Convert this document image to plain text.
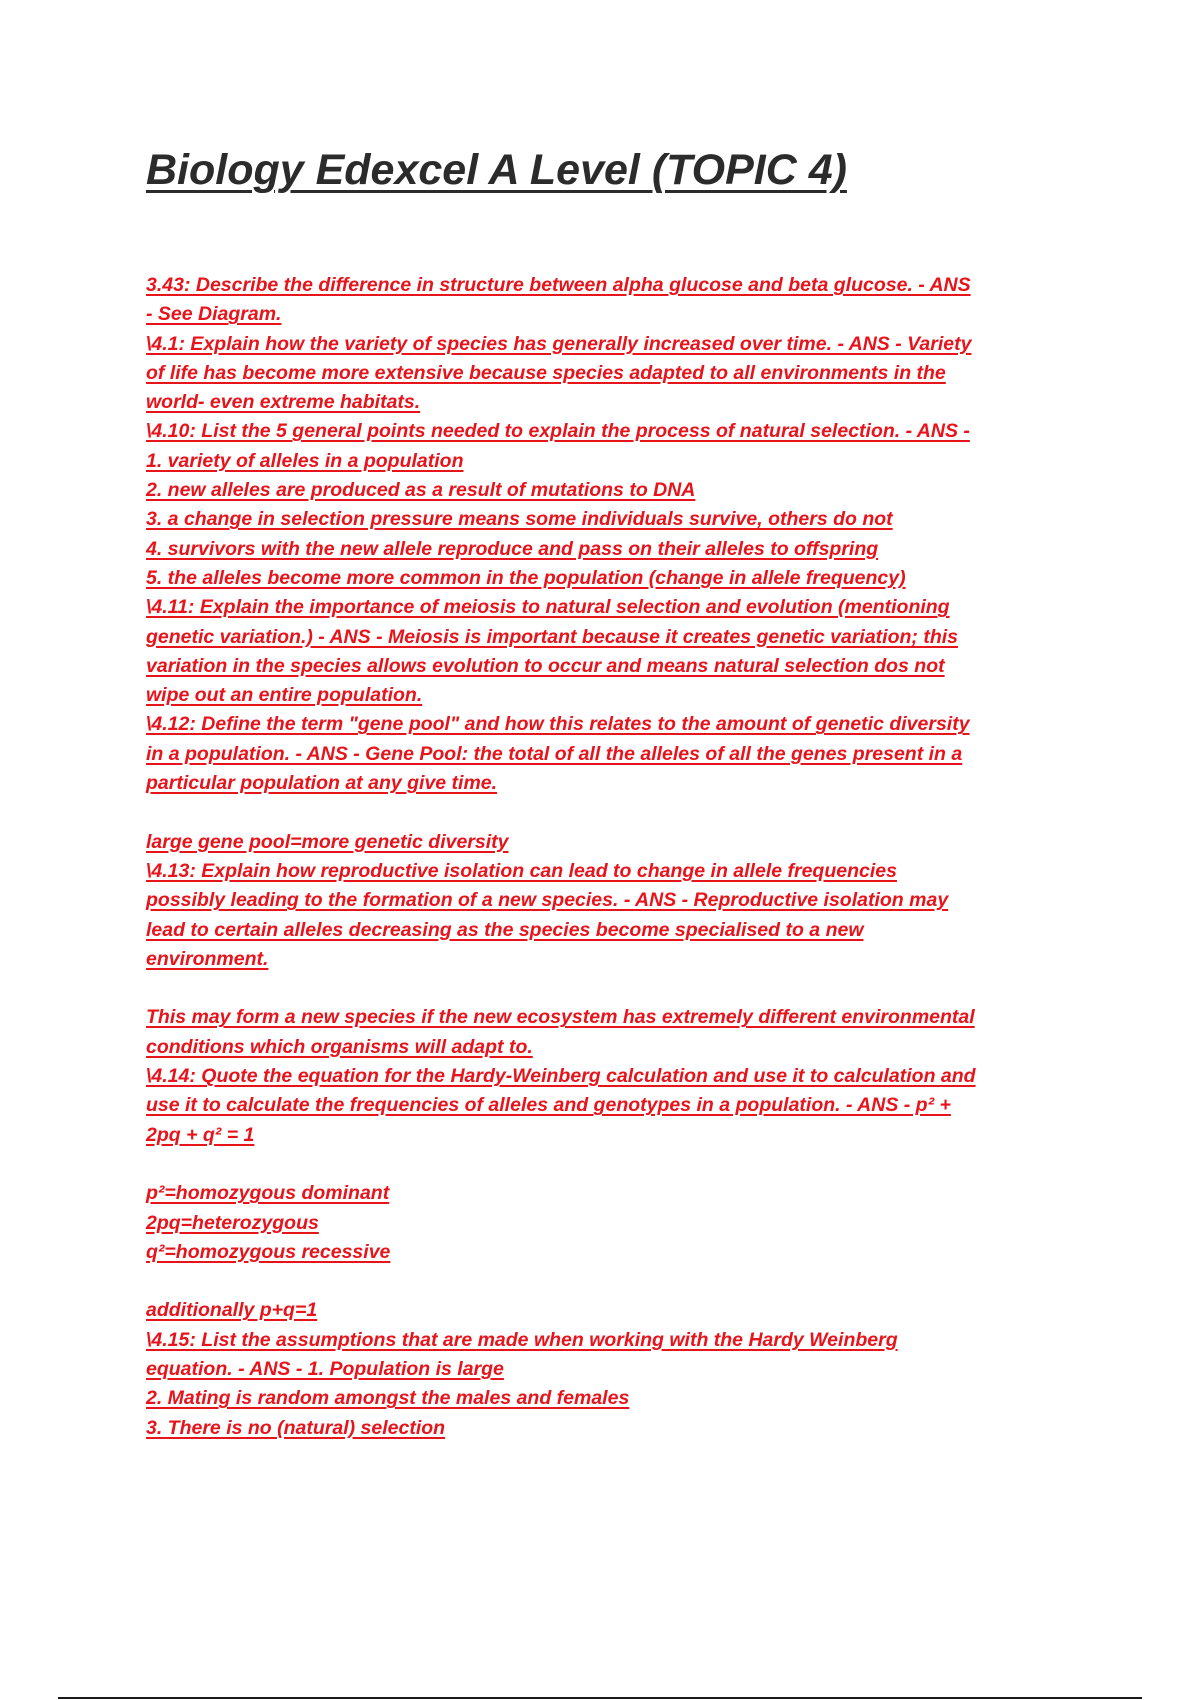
Biology Edexcel A Level (TOPIC 4)
3.43: Describe the difference in structure between alpha glucose and beta glucose. - ANS
- See Diagram.
\4.1: Explain how the variety of species has generally increased over time. - ANS - Variety
of life has become more extensive because species adapted to all environments in the
world- even extreme habitats.
\4.10: List the 5 general points needed to explain the process of natural selection. - ANS -
1. variety of alleles in a population
2. new alleles are produced as a result of mutations to DNA
3. a change in selection pressure means some individuals survive, others do not
4. survivors with the new allele reproduce and pass on their alleles to offspring
5. the alleles become more common in the population (change in allele frequency)
\4.11: Explain the importance of meiosis to natural selection and evolution (mentioning
genetic variation.) - ANS - Meiosis is important because it creates genetic variation; this
variation in the species allows evolution to occur and means natural selection dos not
wipe out an entire population.
\4.12: Define the term "gene pool" and how this relates to the amount of genetic diversity
in a population. - ANS - Gene Pool: the total of all the alleles of all the genes present in a
particular population at any give time.
large gene pool=more genetic diversity
\4.13: Explain how reproductive isolation can lead to change in allele frequencies
possibly leading to the formation of a new species. - ANS - Reproductive isolation may
lead to certain alleles decreasing as the species become specialised to a new
environment.
This may form a new species if the new ecosystem has extremely different environmental
conditions which organisms will adapt to.
\4.14: Quote the equation for the Hardy-Weinberg calculation and use it to calculation and
use it to calculate the frequencies of alleles and genotypes in a population. - ANS - p² +
2pq + q² = 1
p²=homozygous dominant
2pq=heterozygous
q²=homozygous recessive
additionally p+q=1
\4.15: List the assumptions that are made when working with the Hardy Weinberg
equation. - ANS - 1. Population is large
2. Mating is random amongst the males and females
3. There is no (natural) selection
